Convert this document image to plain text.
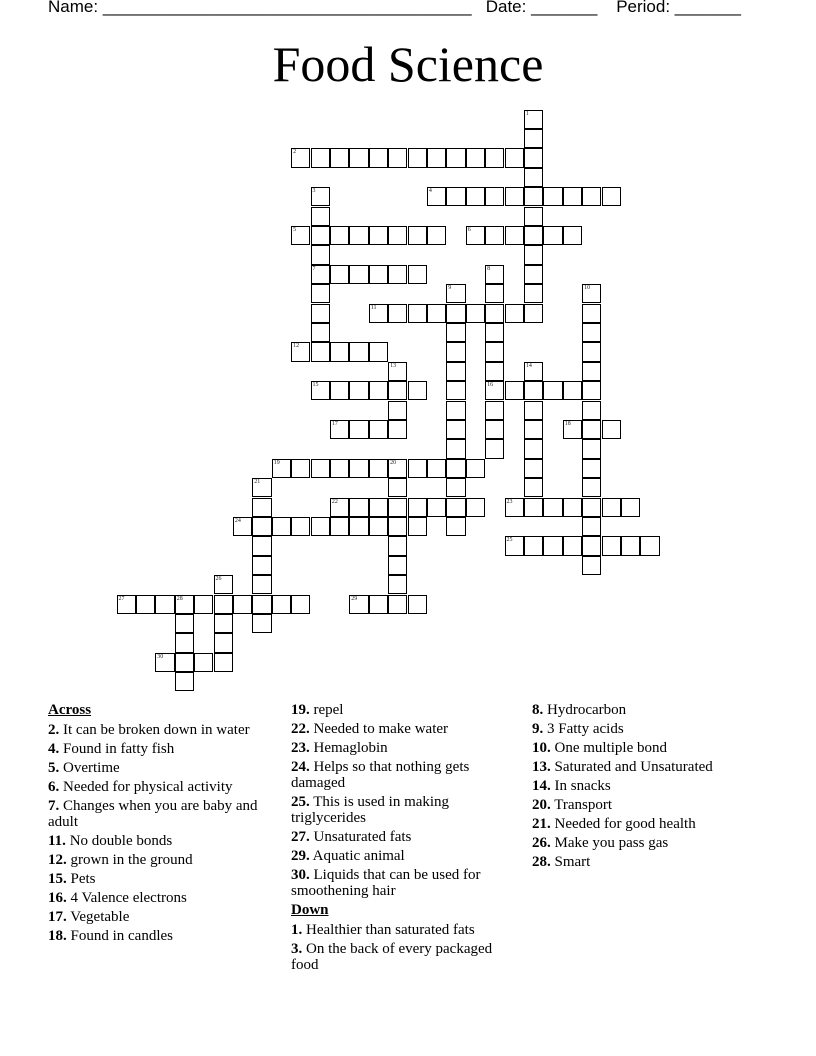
Name: _______________________________________ Date: _______ Period: _______
Food Science
1
2
3
7
4
5	6
8
16
9	10
11
12
13	14
15
17	18
19	20
21
22	23
24
25
26
27	28	29
30
Across
2. It can be broken down in water
4. Found in fatty fish
5. Overtime
6. Needed for physical activity
7. Changes when you are baby and adult
11. No double bonds
12. grown in the ground
15. Pets
16. 4 Valence electrons
17. Vegetable
18. Found in candles
19. repel
22. Needed to make water
23. Hemaglobin
24. Helps so that nothing gets damaged
25. This is used in making triglycerides
27. Unsaturated fats
29. Aquatic animal
30. Liquids that can be used for smoothening hair
Down
1. Healthier than saturated fats
3. On the back of every packaged food
8. Hydrocarbon
9. 3 Fatty acids
10. One multiple bond
13. Saturated and Unsaturated
14. In snacks
20. Transport
21. Needed for good health
26. Make you pass gas
28. Smart
